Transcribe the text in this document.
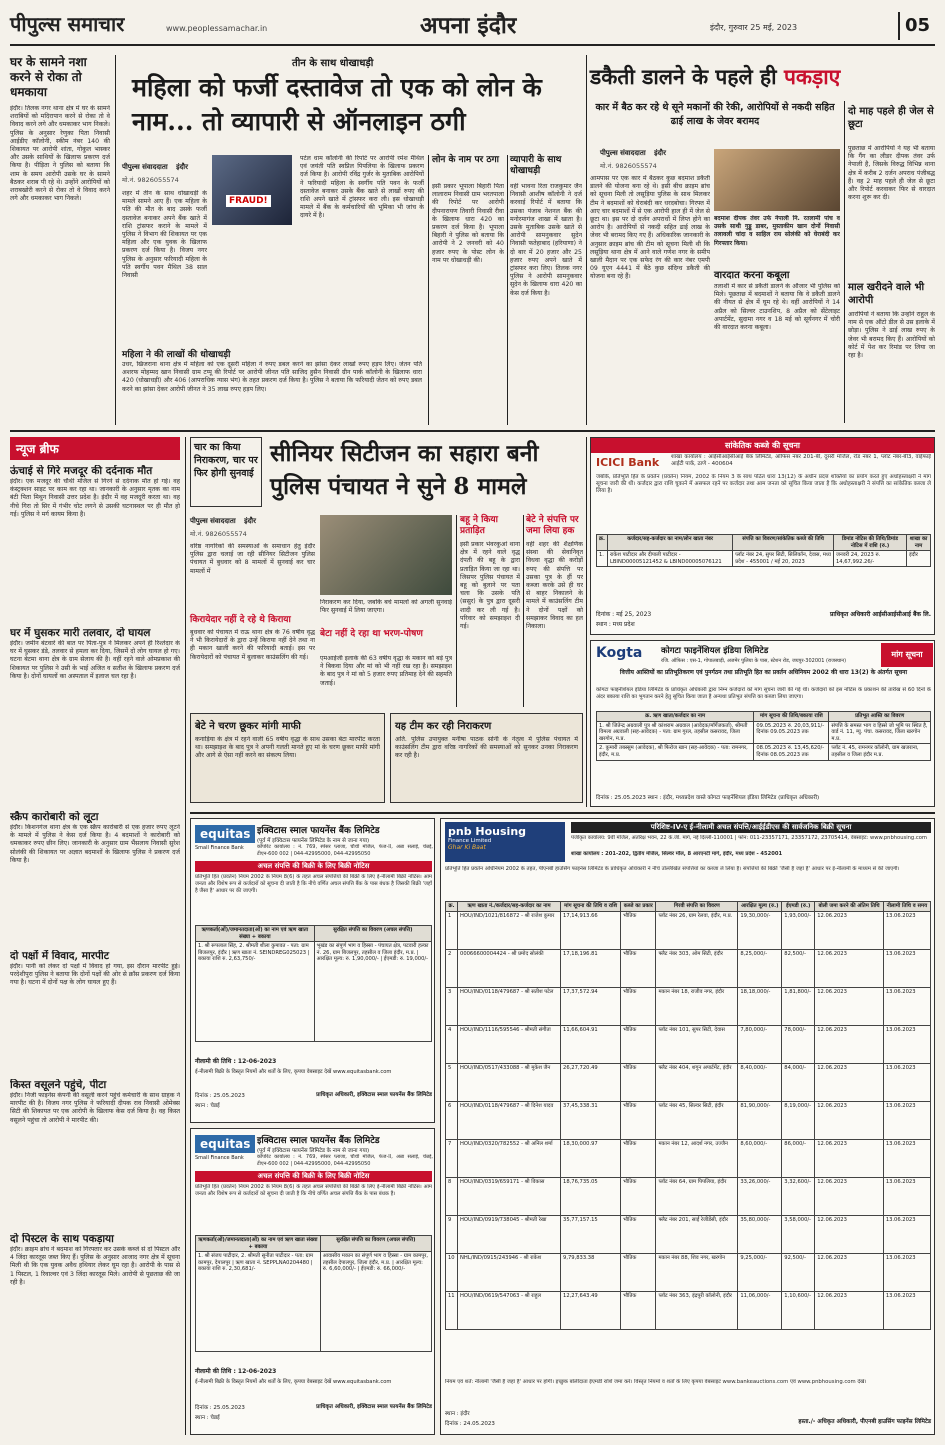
पीपुल्स समाचार	www.peoplessamachar.in	अपना इंदौर	इंदौर, गुरुवार 25 मई, 2023	05
घर के सामने नशा करने से रोका तो धमकाया
इंदौर। तिलक नगर थाना क्षेत्र में घर के सामने शराबियों को मदिरापान करने से रोका तो वे विवाद करने लगे और धमकाकर भाग निकले। पुलिस के अनुसार रेणुका पिता निवासी आईडीए काॅलोनी, स्कीम नंबर 140 की शिकायत पर आरोपी शांता, गोकुल भास्कर और उसके साथियों के खिलाफ प्रकरण दर्ज किया है। पीड़िता ने पुलिस को बताया कि शाम के समय आरोपी उसके घर के सामने बैठकर शराब पी रहे थे। उन्होंने आरोपियों को शराबखोरी करने से रोका तो वे विवाद करने लगे और धमकाकर भाग निकले।
तीन के साथ धोखाधड़ी
महिला को फर्जी दस्तावेज तो एक को लोन के नाम... तो व्यापारी से ऑनलाइन ठगी
पीपुल्स संवाददाता इंदौर
मो.नं. 9826055574
FRAUD!
शहर में तीन के साथ धोखाधड़ी के मामले सामने आए हैं। एक महिला के पति की मौत के बाद उसके फर्जी दस्तावेज बनाकर अपने बैंक खाते में राशि ट्रांसफर कराने के मामले में पुलिस ने विभाग की शिकायत पर एक महिला और एक युवक के खिलाफ प्रकरण दर्ज किया है। विजय नगर पुलिस के अनुसार फरियादी महिला के पति स्वर्गीय पवन मैथिल 38 साल निवासी
पटेल धाम कॉलोनी की रिपोर्ट पर आरोपी रमेश मैथिल एवं जयंती पति स्वप्निल पिपलिया के खिलाफ प्रकरण दर्ज किया है। आरोपी रविंद्र गुर्जर के मुताबिक आरोपियों ने फरियादी महिला के स्वर्गीय पति पवन के फर्जी दस्तावेज बनाकर उसके बैंक खाते से लाखों रुपए की राशि अपने खाते में ट्रांसफर करा ली। इस धोखाधड़ी मामले में बैंक के कर्मचारियों की भूमिका भी जांच के दायरे में है।
महिला ने की लाखों की धोखाधड़ी
उधर, खिजराना थाना क्षेत्र में महिला को एक दूसरी महिला ने रुपए डबल करने का झांसा देकर लाखों रुपए हड़प लिए। जेतन पति अशरफ मोहम्मद खान निवासी ग्राम टप्पू की रिपोर्ट पर आरोपी जीनत पति साजिद हुसैन निवासी ग्रीन पार्क कॉलोनी के खिलाफ धारा 420 (धोखाधड़ी) और 406 (आपराधिक न्यास भंग) के तहत प्रकरण दर्ज किया है। पुलिस ने बताया कि फरियादी जेतन को रुपए डबल करने का झांसा देकर आरोपी जीनत ने 35 लाख रुपए हड़प लिए।
लोन के नाम पर ठगा
इसी प्रकार भूपाला बिहारी पिता लालाराम निवासी ग्राम भरतपाला की रिपोर्ट पर आरोपी दीपनारायण तिवारी निवासी रीवा के खिलाफ धारा 420 का प्रकरण दर्ज किया है। भूपाला बिहारी ने पुलिस को बताया कि आरोपी ने 2 जनवरी को 40 हजार रुपए के पोस्ट लोन के नाम पर धोखाधड़ी की।
व्यापारी के साथ धोखाधड़ी
वहीं भावना रिता राजकुमार जैन निवासी आशीष कॉलोनी ने दर्ज करवाई रिपोर्ट में बताया कि उसका पंजाब नेशनल बैंक की मनोरमागंज शाखा में खाता है। उसके मुताबिक उसके खाते से आरोपी सामनुकवार सुदेन निवासी फतेहाबाद (हरियाणा) ने दो बार में 20 हजार और 25 हजार रुपए अपने खाते में ट्रांसफर करा लिए। तिलक नगर पुलिस ने आरोपी सामनुकवार सुदेन के खिलाफ धारा 420 का केस दर्ज किया है।
डकैती डालने के पहले ही पकड़ाए
कार में बैठ कर रहे थे सूने मकानों की रेकी, आरोपियों से नकदी सहित ढाई लाख के जेवर बरामद
पीपुल्स संवाददाता इंदौर
मो.नं. 9826055574
आमपास पर एक कार में बैठकर कुछ बदमाश डकैती डालने की योजना बना रहे थे। इसी बीच क्राइम ब्रांच को सूचना मिली तो लसूड़िया पुलिस के साथ मिलकर टीम ने बदमाशों को घेराबंदी कर धरदबोचा। गिरफ्त में आए चार बदमाशों में से एक आरोपी हाल ही में जेल से छूटा था। इस पर दो दर्जन अपराधों में लिप्त होने का आरोप है। आरोपियों से नकदी सहित ढाई लाख के जेवर भी बरामद किए गए हैं। अधिकारिक जानकारी के अनुसार क्राइम ब्रांच की टीम को सूचना मिली थी कि लसूड़िया थाना क्षेत्र में आने वाले गणेश नगर के समीप खाली मैदान पर एक सफेद रंग की कार नंबर एमपी 09 यूएन 4441 में बैठे कुछ संदिग्ध डकैती की योजना बना रहे हैं।
बदमाश दीपक तंवर उर्फ नेपाली नि. रतलामी पांच व उसके साथी गुड्डू डाबर, मुस्ताकीम खान दोनों निवासी तलावली चांदा व साहिल राय सोलंकी को घेराबंदी कर गिरफ्तार किया।
वारदात करना कबूला
तलाशी में कार से डकैती डालने के औजार भी पुलिस को मिले। पूछताछ में बदमाशों ने बताया कि वे डकैती डालने की नीयत से क्षेत्र में घूम रहे थे। वहीं आरोपियों ने 14 अप्रैल को सिल्वर टाउनशिप, 8 अप्रैल को सेंटेलाइट अपार्टमेंट, सुदामा नगर व 18 मई को सूर्यनगर में चोरी की वारदात करना कबूला।
दो माह पहले ही जेल से छूटा
पूछताछ में आरोपियों ने यह भी बताया कि गैंग का लीडर दीपक तंवर उर्फ नेपाली है, जिसके विरुद्ध विभिन्न थाना क्षेत्र में करीब 2 दर्जन अपराध पंजीबद्ध हैं। वह 2 माह पहले ही जेल से छूटा और रिपोर्ट करवाकर फिर से वारदात करना शुरू कर दी।
माल खरीदने वाले भी आरोपी
आरोपियों ने बताया कि उन्होंने राहुल के नाम से एक ऑटो डील से उस इलाके में छोड़ा। पुलिस ने ढाई लाख रुपए के जेवर भी बरामद किए हैं। आरोपियों को कोर्ट में पेश कर रिमांड पर लिया जा रहा है।
न्यूज ब्रीफ
ऊंचाई से गिरे मजदूर की दर्दनाक मौत
इंदौर। एक मजदूर की चौथी मंजिल से गिरने से दर्दनाक मौत हो गई। वह कंस्ट्रक्शन साइट पर काम कर रहा था। जानकारी के अनुसार मृतक का नाम बंटी पिता मिथुन निवासी उत्तर प्रदेश है। इंदौर में वह मजदूरी करता था। वह नीचे गिरा तो सिर में गंभीर चोट लगने से उसकी घटनास्थल पर ही मौत हो गई। पुलिस ने मर्ग कायम किया है।
घर में घुसकर मारी तलवार, दो घायल
इंदौर। जमीन बंटवारे की बात पर पिता-पुत्र ने मिलकर अपने ही रिश्तेदार के घर में घुसकर डंडे, तलवार से हमला कर दिया, जिसमें दो लोग घायल हो गए। घटना बेटमा थाना क्षेत्र के ग्राम सेलाय की है। वहीं रहने वाले ओमप्रकाश की शिकायत पर पुलिस ने उसी के भाई अजित व सतीश के खिलाफ प्रकरण दर्ज किया है। दोनों घायलों का अस्पताल में इलाज चल रहा है।
स्क्रैप कारोबारी को लूटा
इंदौर। किशनगंज थाना क्षेत्र के एक स्क्रैप कारोबारी से एक हजार रुपए लूटने के मामले में पुलिस ने केस दर्ज किया है। 4 बदमाशों ने कारोबारी को धमकाकर रुपए छीन लिए। जानकारी के अनुसार ग्राम भैंसलाय निवासी सुरेश सोलंकी की शिकायत पर अज्ञात बदमाशों के खिलाफ पुलिस ने प्रकरण दर्ज किया है।
दो पक्षों में विवाद, मारपीट
इंदौर। पानी को लेकर दो पक्षों में विवाद हो गया, इस दौरान मारपीट हुई। परदेशीपुरा पुलिस ने बताया कि दोनों पक्षों की ओर से क्रॉस प्रकरण दर्ज किया गया है। घटना में दोनों पक्ष के लोग घायल हुए हैं।
किस्त वसूलने पहुंचे, पीटा
इंदौर। निजी फाइनेंस कंपनी की वसूली करने पहुंचे कर्मचारी के साथ ग्राहक ने मारपीट की है। विजय नगर पुलिस ने फरियादी दीपक राव निवासी ओमेक्स सिटी की शिकायत पर एक आरोपी के खिलाफ केस दर्ज किया है। वह किस्त वसूलने पहुंचा तो आरोपी ने मारपीट की।
दो पिस्टल के साथ पकड़ाया
इंदौर। क्राइम ब्रांच ने बदमाश को गिरफ्तार कर उसके कब्जे से दो पिस्टल और 4 जिंदा कारतूस जब्त किए हैं। पुलिस के अनुसार आजाद नगर क्षेत्र में सूचना मिली थी कि एक युवक अवैध हथियार लेकर घूम रहा है। आरोपी के पास से 1 पिस्टल, 1 रिवाल्वर एवं 3 जिंदा कारतूस मिले। आरोपी से पूछताछ की जा रही है।
चार का किया निराकरण, चार पर फिर होगी सुनवाई
सीनियर सिटीजन का सहारा बनी पुलिस पंचायत ने सुने 8 मामले
पीपुल्स संवाददाता इंदौर
मो.नं. 9826055574
वरिष्ठ नागरिकों की समस्याओं के समाधान हेतु इंदौर पुलिस द्वारा चलाई जा रही सीनियर सिटीजन पुलिस पंचायत में बुधवार को 8 मामलों में सुनवाई कर चार मामलों में
निराकरण कर दिया, जबकि बचे मामलों को अगली सुनवाई फिर सुनवाई में लिया जाएगा।
किरायेदार नहीं दे रहे थे किराया
बुधवार को पंचायत में राऊ थाना क्षेत्र के 76 वर्षीय वृद्ध ने भी किरायेदारों के द्वारा उन्हें किराया नहीं देने तथा ना ही मकान खाली करने की फरियादी बताई। इस पर किरायेदारों को पंचायत में बुलाकर काउंसलिंग की गई।
बेटा नहीं दे रहा था भरण-पोषण
एमआईजी इलाके की 63 वर्षीय वृद्धा के मकान को बड़े पुत्र ने बिकवा दिया और मां को भी नहीं रख रहा है। समझाइश के बाद पुत्र ने मां को 5 हजार रुपए प्रतिमाह देने की सहमति जताई।
बहू ने किया प्रताड़ित
इसी प्रकार भंवरकुआं थाना क्षेत्र में रहने वाले वृद्ध दंपती की बहू के द्वारा प्रताड़ित किया जा रहा था। जिसपर पुलिस पंचायत में बहू को बुलाने पर पता चला कि उसके पति (ससुर) के पुत्र द्वारा दूसरी शादी कर ली गई है। परिवार को समझाइश दी गई।
बेटे ने संपत्ति पर जमा लिया हक
वहीं शहर की शैक्षणिक संस्था की सेवानिवृत विधवा वृद्धा की करोड़ों रुपए की संपत्ति पर उसका पुत्र के हीं पर कब्जा करके उसे ही घर से बाहर निकालने के मामले में काउंसलिंग टीम ने दोनों पक्षों को समझाकर विवाद का हल निकाला।
बेटे ने चरण छूकर मांगी माफी
कनाड़िया के क्षेत्र में रहने वाली 65 वर्षीय वृद्धा के साथ उसका बेटा मारपीट करता था। समझाइश के बाद पुत्र ने अपनी गलती मानते हुए मां के चरण छूकर माफी मांगी और आगे से ऐसा नहीं करने का संकल्प लिया।
यह टीम कर रही निराकरण
अति. पुलिस उपायुक्त मनीषा पाठक सोनी के नेतृत्व में पुलिस पंचायत में काउंसलिंग टीम द्वारा वरिष्ठ नागरिकों की समस्याओं को सुनकर उनका निराकरण कर रही है।
सांकेतिक कब्जे की सूचना
ICICI Bank शाखा कार्यालय : आईसीआईसीआई बैंक लिमिटेड, ऑफिस नंबर 201-बी, दूसरी मंजिल, रोड नंबर 1, प्लॉट नंबर-बी3, वाईफाई आईटी पार्क, ठाणे - 400604
जबकि, प्रतिभूति हित के प्रवर्तन (प्रवर्तन) नियम, 2002 के नियम 3 के साथ पठित धारा 13(12) के अधीन प्रदत्त शक्तियों का प्रयोग करते हुए अधोहस्ताक्षरी ने मांग सूचना जारी की थी। कर्जदार द्वारा राशि चुकाने में असफल रहने पर कर्जदार तथा आम जनता को सूचित किया जाता है कि अधोहस्ताक्षरी ने संपत्ति का सांकेतिक कब्जा ले लिया है।
क्र.	कर्जदार/सह-कर्जदार का नाम/लोन खाता नंबर	संपत्ति का विवरण/सांकेतिक कब्जे की तिथि	डिमांड नोटिस की तिथि/डिमांड नोटिस में राशि (रु.)	शाखा का नाम
1.	राकेश पाटीदार और दीपाली पाटीदार - LBIND00005121452 & LBIND00005076121	प्लॉट नंबर 24, सुपर सिटी, सिलिकॉन, देवास, मध्य प्रदेश - 455001 / मई 20, 2023	जनवरी 24, 2023 रु. 14,67,992.26/-	इंदौर
दिनांक : मई 25, 2023
स्थान : मध्य प्रदेश
प्राधिकृत अधिकारी आईसीआईसीआई बैंक लि.
Kogta कोगटा फाइनेंशियल इंडिया लिमिटेड	मांग सूचना
रजि. ऑफिस : एस-1, गोपालबाड़ी, अजमेर पुलिया के पास, स्टेशन रोड, जयपुर-302001 (राजस्थान)
वित्तीय आस्तियों का प्रतिभूतिकरण एवं पुनर्गठन तथा प्रतिभूति हित का प्रवर्तन अधिनियम 2002 की धारा 13(2) के अंतर्गत सूचना
कोगटा फाइनेंशियल इंडिया लिमिटेड के प्राधिकृत अधिकारी द्वारा निम्न कर्जदारों को मांग सूचना जारी की गई थी। कर्जदारों को इस नोटिस के प्रकाशन की तारीख से 60 दिनों के अंदर बकाया राशि का भुगतान करने हेतु सूचित किया जाता है अन्यथा प्रतिभूत संपत्ति का कब्जा लिया जाएगा।
क्र. ऋण खाता/कर्जदार का नाम	मांग सूचना की तिथि/बकाया राशि	प्रतिभूत आस्ति का विवरण
1. श्री जितेन्द्र अग्रवाली पुत्र श्री कांशराम अग्रवाल (आवेदक/मॉर्गेजकर्ता), श्रीमती विमला अग्रवाली (सह-आवेदक) - पता: ग्राम गुरल, तहसील कसरावद, जिला खरगोन, म.प्र.	09.05.2023 रु. 20,03,911/- दिनांक 09.05.2023 तक	संपत्ति के समस्त भाग व हिस्से जो भूमि पर स्थित है, वार्ड नं. 11, म्यु. पंचा. कसरावद, जिला खरगोन म.प्र.
2. कुमारी तबस्सुम (आवेदक), श्री फिरोज खान (सह-आवेदक) - पता: रामनगर, इंदौर, म.प्र.	08.05.2023 रु. 13,45,620/- दिनांक 08.05.2023 तक	प्लॉट नं. 45, रामनगर कॉलोनी, ग्राम खजराना, तहसील व जिला इंदौर म.प्र.
दिनांक : 25.05.2023 स्थान : इंदौर, मध्यप्रदेश वास्ते कोगटा फाइनेंशियल इंडिया लिमिटेड (प्राधिकृत अधिकारी)
equitas
Small Finance Bank
इक्विटास स्माल फायनेंस बैंक लिमिटेड
(पूर्व में इक्विटास फायनेंस लिमिटेड के नाम से जाना गया)
कॉर्पोरेट कार्यालय : नं. 769, स्पेंसर प्लाजा, चौथी मंजिल, फेज-II, अन्ना सलाई, चेन्नई, टीएन-600 002 | 044-42995000, 044-42995050
अचल संपत्ति की बिक्री के लिए बिक्री नोटिस
प्रतिभूति हित (प्रवर्तन) नियम 2002 के नियम 8(6) के तहत अचल संपत्तियों की बिक्री के लिए ई-नीलामी बिक्री नोटिस। आम जनता और विशेष रूप से कर्जदारों को सूचना दी जाती है कि नीचे वर्णित अचल संपत्ति बैंक के पास बंधक है जिसकी बिक्री 'जहाँ है जैसा है' आधार पर की जाएगी।
ऋणकर्ता(ओं)/जमानतदाता(ओं) का नाम एवं ऋण खाता संख्या + बकाया	सुरक्षित संपत्ति का विवरण (अचल संपत्ति)
1. श्री रूपलाल सिंह, 2. श्रीमती शीला कुमावत - पता: ग्राम बिजलपुर, इंदौर | ऋण खाता नं. SEINDREG025023 | बकाया राशि रु. 2,63,750/-	भूखंड का संपूर्ण भाग व हिस्सा - पंचायत क्षेत्र, पटवारी हल्का नं. 26, ग्राम बिजलपुर, तहसील व जिला इंदौर, म.प्र. | आरक्षित मूल्य: रु. 1,90,000/- | ईएमडी: रु. 19,000/-
नीलामी की तिथि : 12-06-2023
ई-नीलामी बिक्री के विस्तृत नियमों और शर्तों के लिए, कृपया वेबसाइट देखें www.equitasbank.com
दिनांक : 25.05.2023
स्थान : चेन्नई
प्राधिकृत अधिकारी, इक्विटास स्माल फायनेंस बैंक लिमिटेड
equitas
Small Finance Bank
इक्विटास स्माल फायनेंस बैंक लिमिटेड
(पूर्व में इक्विटास फायनेंस लिमिटेड के नाम से जाना गया)
कॉर्पोरेट कार्यालय : नं. 769, स्पेंसर प्लाजा, चौथी मंजिल, फेज-II, अन्ना सलाई, चेन्नई, टीएन-600 002 | 044-42995000, 044-42995050
अचल संपत्ति की बिक्री के लिए बिक्री नोटिस
प्रतिभूति हित (प्रवर्तन) नियम 2002 के नियम 8(6) के तहत अचल संपत्तियों की बिक्री के लिए ई-नीलामी बिक्री नोटिस। आम जनता और विशेष रूप से कर्जदारों को सूचना दी जाती है कि नीचे वर्णित अचल संपत्ति बैंक के पास बंधक है।
ऋणकर्ता(ओं)/जमानतदाता(ओं) का नाम एवं ऋण खाता संख्या + बकाया	सुरक्षित संपत्ति का विवरण (अचल संपत्ति)
1. श्री संजय पाटीदार, 2. श्रीमती सुनीता पाटीदार - पता: ग्राम कामपुर, देपालपुर | ऋण खाता नं. SEPPLNA0204480 | बकाया राशि रु. 2,30,681/-	आवासीय मकान का संपूर्ण भाग व हिस्सा - ग्राम कामपुर, तहसील देपालपुर, जिला इंदौर, म.प्र. | आरक्षित मूल्य: रु. 6,60,000/- | ईएमडी: रु. 66,000/-
नीलामी की तिथि : 12-06-2023
ई-नीलामी बिक्री के विस्तृत नियमों और शर्तों के लिए, कृपया वेबसाइट देखें www.equitasbank.com
दिनांक : 25.05.2023
स्थान : चेन्नई
प्राधिकृत अधिकारी, इक्विटास स्माल फायनेंस बैंक लिमिटेड
परिशिष्ट-IV-ए ई-नीलामी अचल संपत्ति/आईईडीएस की सार्वजनिक बिक्री सूचना
pnb Housing
Finance Limited
Ghar Ki Baat
पंजीकृत कार्यालय: 9वीं मंजिल, अंतरिक्ष भवन, 22 के.जी. मार्ग, नई दिल्ली-110001 | फोन: 011-23357171, 23357172, 23705414, वेबसाइट: www.pnbhousing.com
शाखा कार्यालय : 201-202, द्वितीय मंजिल, सिल्वर मॉल, 8 आरएनटी मार्ग, इंदौर, मध्य प्रदेश - 452001
प्रतिभूति हित प्रवर्तन अधिनियम 2002 के तहत, पीएनबी हाउसिंग फाइनेंस लिमिटेड के प्राधिकृत अधिकारी ने नीचे उल्लिखित संपत्तियों का कब्जा ले लिया है। संपत्तियों की बिक्री 'जैसी है जहां है' आधार पर ई-नीलामी के माध्यम से की जाएगी।
क्र.	ऋण खाता नं./कर्जदार/सह-कर्जदार का नाम	मांग सूचना की तिथि व राशि	कब्जे का प्रकार	गिरवी संपत्ति का विवरण	आरक्षित मूल्य (रु.)	ईएमडी (रु.)	बोली जमा करने की अंतिम तिथि	नीलामी तिथि व समय
1	HOU/IND/1021/816872 - श्री राजेश कुमार	17,14,913.66	भौतिक	प्लॉट नंबर 26, ग्राम रेलवा, इंदौर, म.प्र.	19,30,000/-	1,93,000/-	12.06.2023	13.06.2023
2	00066600004424 - श्री प्रमोद सोलंकी	17,18,196.81	भौतिक	फ्लैट नंबर 303, ओम सिटी, इंदौर	8,25,000/-	82,500/-	12.06.2023	13.06.2023
3	HOU/IND/0118/479687 - श्री सतीश पटेल	17,37,572.94	भौतिक	मकान नंबर 18, राजीव नगर, इंदौर	18,18,000/-	1,81,800/-	12.06.2023	13.06.2023
4	HOU/IND/1116/595546 - श्रीमती संगीता	11,66,604.91	भौतिक	प्लॉट नंबर 101, सुपर सिटी, देवास	7,80,000/-	78,000/-	12.06.2023	13.06.2023
5	HOU/IND/0517/433088 - श्री मुकेश जैन	26,27,720.49	भौतिक	फ्लैट नंबर 404, शगुन अपार्टमेंट, इंदौर	8,40,000/-	84,000/-	12.06.2023	13.06.2023
6	HOU/IND/0118/479687 - श्री दिनेश यादव	37,45,338.31	भौतिक	प्लॉट नंबर 45, सिल्वर सिटी, इंदौर	81,90,000/-	8,19,000/-	12.06.2023	13.06.2023
7	HOU/IND/0320/782552 - श्री अनिल शर्मा	18,30,000.97	भौतिक	मकान नंबर 12, आदर्श नगर, उज्जैन	8,60,000/-	86,000/-	12.06.2023	13.06.2023
8	HOU/IND/0319/659171 - श्री विकास	18,76,735.05	भौतिक	प्लॉट नंबर 64, ग्राम पिपलिया, इंदौर	33,26,000/-	3,32,600/-	12.06.2023	13.06.2023
9	HOU/IND/0919/738045 - श्रीमती रेखा	35,77,157.15	भौतिक	फ्लैट नंबर 201, साईं रेजीडेंसी, इंदौर	35,80,000/-	3,58,000/-	12.06.2023	13.06.2023
10	NHL/IND/0915/243946 - श्री राकेश	9,79,833.38	भौतिक	मकान नंबर 88, शिव नगर, खरगोन	9,25,000/-	92,500/-	12.06.2023	13.06.2023
11	HOU/IND/0619/547063 - श्री राहुल	12,27,643.49	भौतिक	प्लॉट नंबर 363, इंद्रपुरी कॉलोनी, इंदौर	11,06,000/-	1,10,600/-	12.06.2023	13.06.2023
नियम एवं शर्तें: नीलामी 'जैसी है जहां है' आधार पर होगी। इच्छुक बोलीदाता ईएमडी राशि जमा करें। विस्तृत नियमों व शर्तों के लिए कृपया वेबसाइट www.bankeauctions.com एवं www.pnbhousing.com देखें।
स्थान : इंदौर
दिनांक : 24.05.2023	हस्ता./- अधिकृत अधिकारी, पीएनबी हाउसिंग फाइनेंस लिमिटेड
